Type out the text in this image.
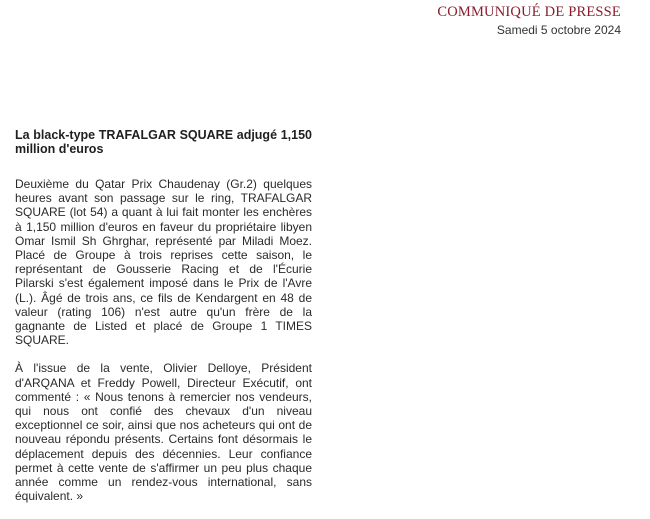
COMMUNIQUÉ DE PRESSE
Samedi 5 octobre 2024
La black-type TRAFALGAR SQUARE adjugé 1,150 million d'euros

Deuxième du Qatar Prix Chaudenay (Gr.2) quelques heures avant son passage sur le ring, TRAFALGAR SQUARE (lot 54) a quant à lui fait monter les enchères à 1,150 million d'euros en faveur du propriétaire libyen Omar Ismil Sh Ghrghar, représenté par Miladi Moez. Placé de Groupe à trois reprises cette saison, le représentant de Gousserie Racing et de l'Écurie Pilarski s'est également imposé dans le Prix de l'Avre (L.). Âgé de trois ans, ce fils de Kendargent en 48 de valeur (rating 106) n'est autre qu'un frère de la gagnante de Listed et placé de Groupe 1 TIMES SQUARE.

À l'issue de la vente, Olivier Delloye, Président d'ARQANA et Freddy Powell, Directeur Exécutif, ont commenté : « Nous tenons à remercier nos vendeurs, qui nous ont confié des chevaux d'un niveau exceptionnel ce soir, ainsi que nos acheteurs qui ont de nouveau répondu présents. Certains font désormais le déplacement depuis des décennies. Leur confiance permet à cette vente de s'affirmer un peu plus chaque année comme un rendez-vous international, sans équivalent. »
